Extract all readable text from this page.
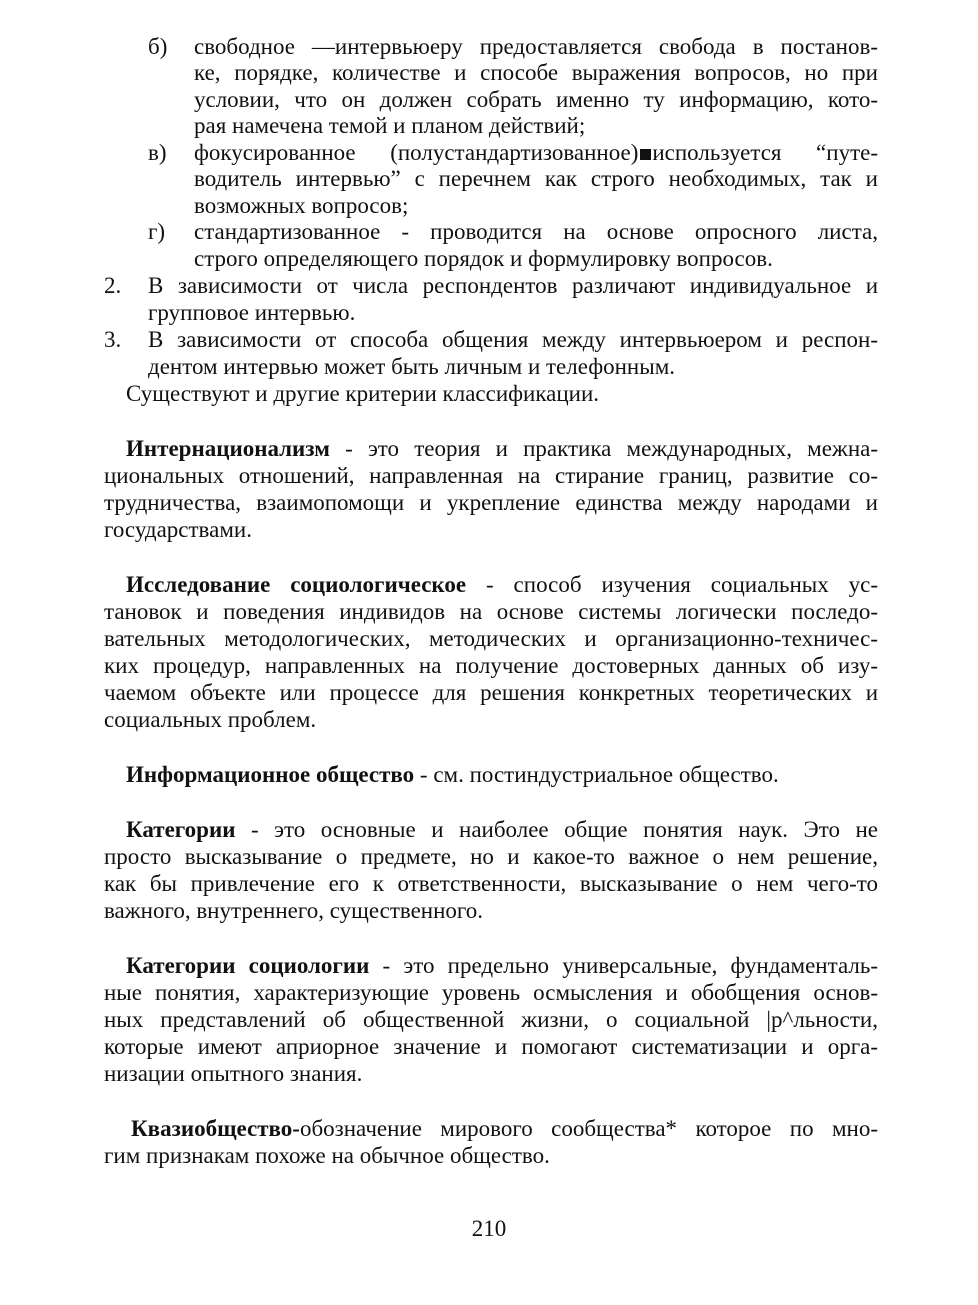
б) свободное —интервьюеру предоставляется свобода в постанов-
ке, порядке, количестве и способе выражения вопросов, но при
условии, что он должен собрать именно ту информацию, кото-
рая намечена темой и планом действий;
в) фокусированное (полустандартизованное) используется “путе-
водитель интервью” с перечнем как строго необходимых, так и
возможных вопросов;
г) стандартизованное - проводится на основе опросного листа,
строго определяющего порядок и формулировку вопросов.
2. В зависимости от числа респондентов различают индивидуальное и
групповое интервью.
3. В зависимости от способа общения между интервьюером и респон-
дентом интервью может быть личным и телефонным.
Существуют и другие критерии классификации.
Интернационализм - это теория и практика международных, межна-
циональных отношений, направленная на стирание границ, развитие со-
трудничества, взаимопомощи и укрепление единства между народами и
государствами.
Исследование социологическое - способ изучения социальных ус-
тановок и поведения индивидов на основе системы логически последо-
вательных методологических, методических и организационно-техничес-
ких процедур, направленных на получение достоверных данных об изу-
чаемом объекте или процессе для решения конкретных теоретических и
социальных проблем.
Информационное общество - см. постиндустриальное общество.
Категории - это основные и наиболее общие понятия наук. Это не
просто высказывание о предмете, но и какое-то важное о нем решение,
как бы привлечение его к ответственности, высказывание о нем чего-то
важного, внутреннего, существенного.
Категории социологии - это предельно универсальные, фундаменталь-
ные понятия, характеризующие уровень осмысления и обобщения основ-
ных представлений об общественной жизни, о социальной |р^льности,
которые имеют априорное значение и помогают систематизации и орга-
низации опытного знания.
Квазиобщество-обозначение мирового сообщества* которое по мно-
гим признакам похоже на обычное общество.
210
